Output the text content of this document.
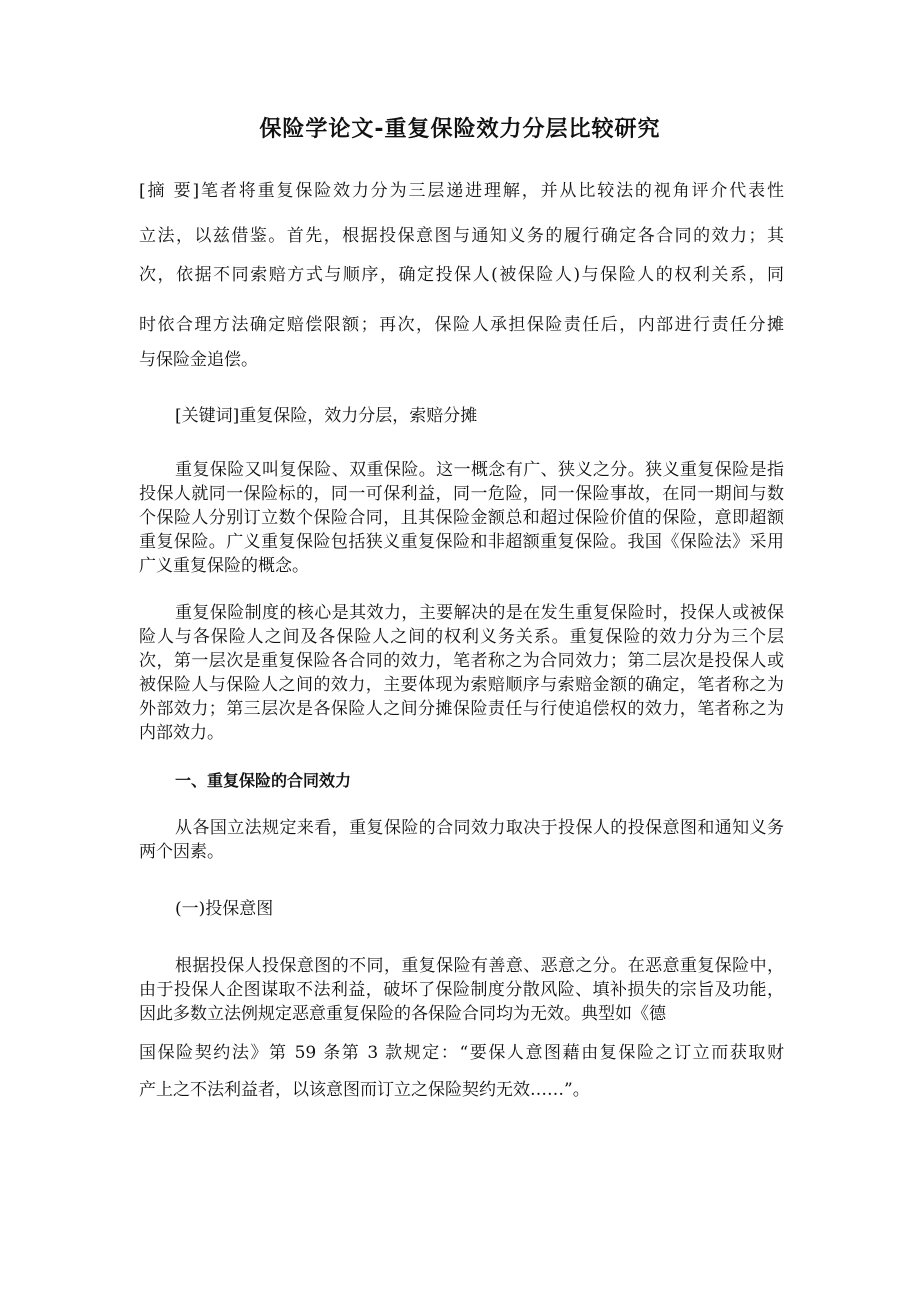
保险学论文-重复保险效力分层比较研究
[摘 要]笔者将重复保险效力分为三层递进理解，并从比较法的视角评介代表性
立法，以兹借鉴。首先，根据投保意图与通知义务的履行确定各合同的效力；其
次，依据不同索赔方式与顺序，确定投保人(被保险人)与保险人的权利关系，同
时依合理方法确定赔偿限额；再次，保险人承担保险责任后，内部进行责任分摊
与保险金追偿。
[关键词]重复保险，效力分层，索赔分摊
重复保险又叫复保险、双重保险。这一概念有广、狭义之分。狭义重复保险是指投保人就同一保险标的，同一可保利益，同一危险，同一保险事故，在同一期间与数个保险人分别订立数个保险合同，且其保险金额总和超过保险价值的保险，意即超额重复保险。广义重复保险包括狭义重复保险和非超额重复保险。我国《保险法》采用广义重复保险的概念。
重复保险制度的核心是其效力，主要解决的是在发生重复保险时，投保人或被保险人与各保险人之间及各保险人之间的权利义务关系。重复保险的效力分为三个层次，第一层次是重复保险各合同的效力，笔者称之为合同效力；第二层次是投保人或被保险人与保险人之间的效力，主要体现为索赔顺序与索赔金额的确定，笔者称之为外部效力；第三层次是各保险人之间分摊保险责任与行使追偿权的效力，笔者称之为内部效力。
一、重复保险的合同效力
从各国立法规定来看，重复保险的合同效力取决于投保人的投保意图和通知义务两个因素。
(一)投保意图
根据投保人投保意图的不同，重复保险有善意、恶意之分。在恶意重复保险中，由于投保人企图谋取不法利益，破坏了保险制度分散风险、填补损失的宗旨及功能，因此多数立法例规定恶意重复保险的各保险合同均为无效。典型如《德
国保险契约法》第 59 条第 3 款规定：“要保人意图藉由复保险之订立而获取财
产上之不法利益者，以该意图而订立之保险契约无效……”。
